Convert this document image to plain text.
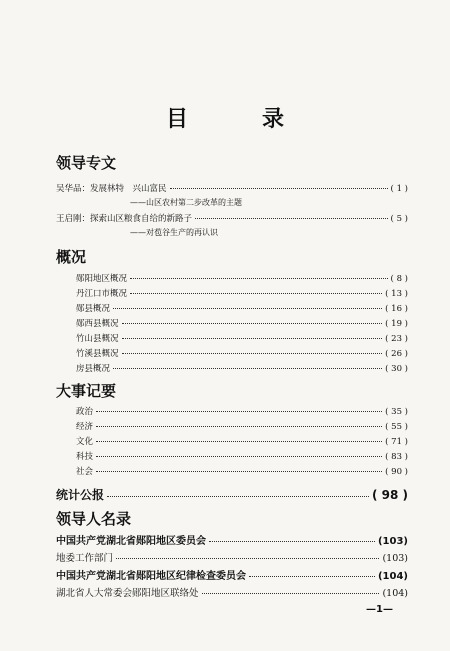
目　录
领导专文
吴华品：发展林特　兴山富民	( 1 )
——山区农村第二步改革的主题
王启刚：探索山区粮食自给的新路子	( 5 )
——对苞谷生产的再认识
概况
郧阳地区概况	( 8 )
丹江口市概况	( 13 )
郧县概况	( 16 )
郧西县概况	( 19 )
竹山县概况	( 23 )
竹溪县概况	( 26 )
房县概况	( 30 )
大事记要
政治	( 35 )
经济	( 55 )
文化	( 71 )
科技	( 83 )
社会	( 90 )
统计公报	( 98 )
领导人名录
中国共产党湖北省郧阳地区委员会	(103)
地委工作部门	(103)
中国共产党湖北省郧阳地区纪律检查委员会	(104)
湖北省人大常委会郧阳地区联络处	(104)
—1—
